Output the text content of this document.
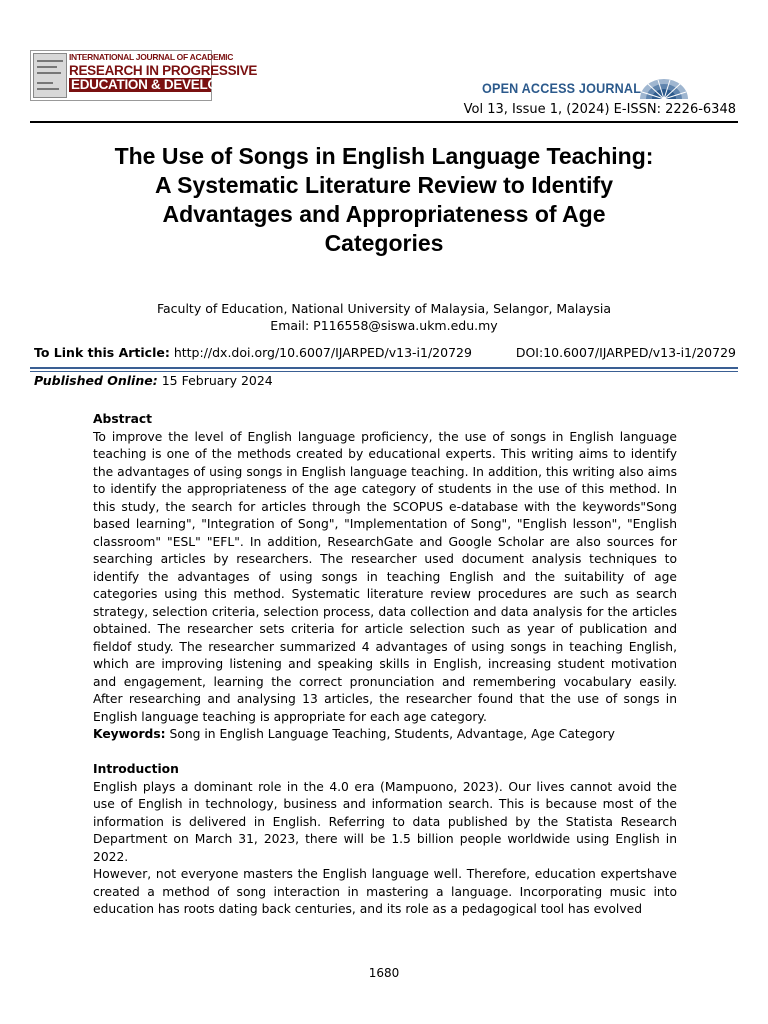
INTERNATIONAL JOURNAL OF ACADEMIC
RESEARCH IN PROGRESSIVE
EDUCATION & DEVELOPMENT	OPEN ACCESS JOURNAL
Vol 13, Issue 1, (2024) E-ISSN: 2226-6348
The Use of Songs in English Language Teaching:
A Systematic Literature Review to Identify
Advantages and Appropriateness of Age
Categories
Faculty of Education, National University of Malaysia, Selangor, Malaysia
Email: P116558@siswa.ukm.edu.my
To Link this Article: http://dx.doi.org/10.6007/IJARPED/v13-i1/20729	DOI:10.6007/IJARPED/v13-i1/20729
Published Online: 15 February 2024
Abstract

To improve the level of English language proficiency, the use of songs in English language teaching is one of the methods created by educational experts. This writing aims to identify the advantages of using songs in English language teaching. In addition, this writing also aims to identify the appropriateness of the age category of students in the use of this method. In this study, the search for articles through the SCOPUS e-database with the keywords"Song based learning", "Integration of Song", "Implementation of Song", "English lesson", "English classroom" "ESL" "EFL". In addition, ResearchGate and Google Scholar are also sources for searching articles by researchers. The researcher used document analysis techniques to identify the advantages of using songs in teaching English and the suitability of age categories using this method. Systematic literature review procedures are such as search strategy, selection criteria, selection process, data collection and data analysis for the articles obtained. The researcher sets criteria for article selection such as year of publication and fieldof study. The researcher summarized 4 advantages of using songs in teaching English, which are improving listening and speaking skills in English, increasing student motivation and engagement, learning the correct pronunciation and remembering vocabulary easily. After researching and analysing 13 articles, the researcher found that the use of songs in English language teaching is appropriate for each age category.

Keywords: Song in English Language Teaching, Students, Advantage, Age Category

Introduction

English plays a dominant role in the 4.0 era (Mampuono, 2023). Our lives cannot avoid the use of English in technology, business and information search. This is because most of the information is delivered in English. Referring to data published by the Statista Research Department on March 31, 2023, there will be 1.5 billion people worldwide using English in 2022.

However, not everyone masters the English language well. Therefore, education expertshave created a method of song interaction in mastering a language. Incorporating music into education has roots dating back centuries, and its role as a pedagogical tool has evolved

1680
